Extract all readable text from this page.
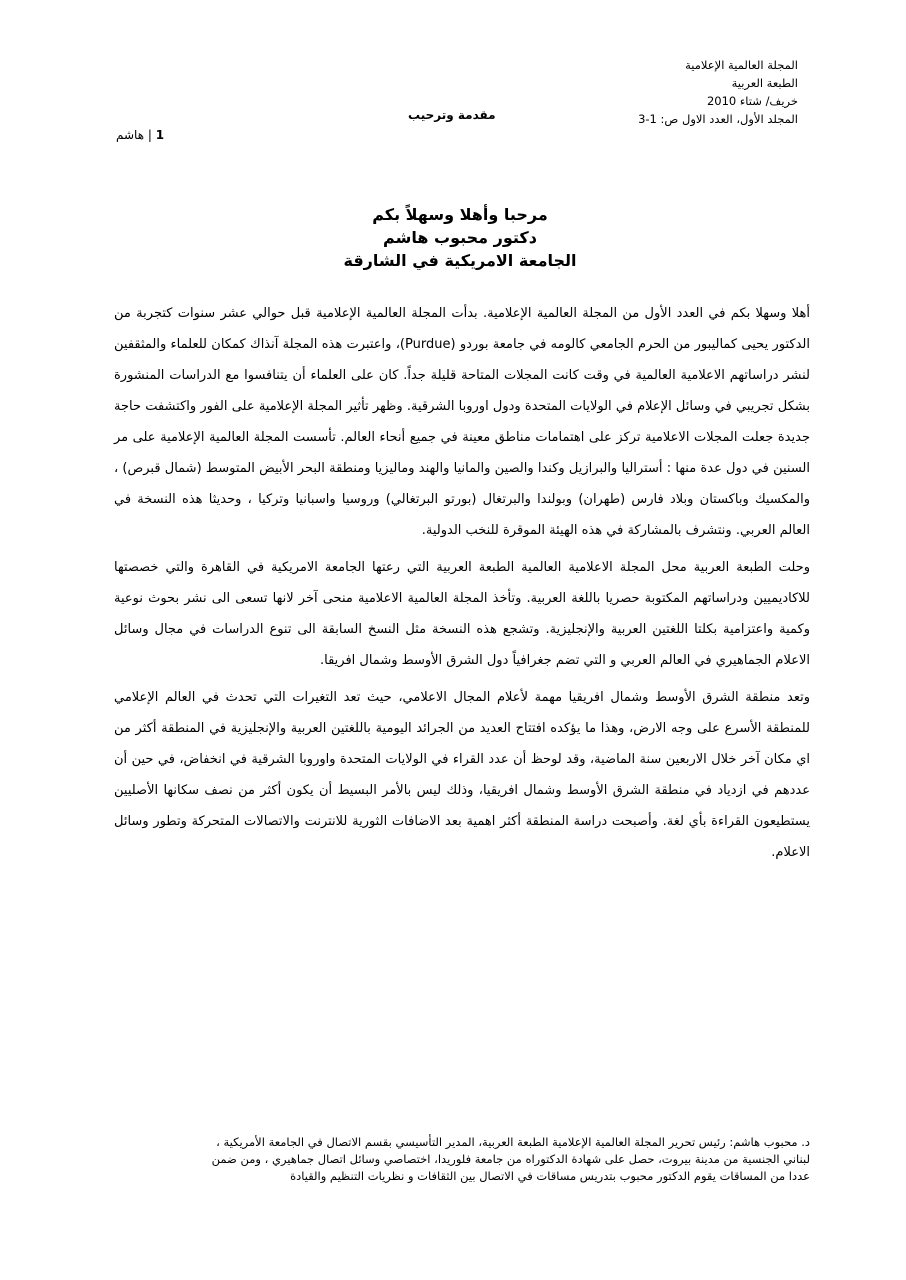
المجلة العالمية الإعلامية
الطبعة العربية
خريف/ شتاء 2010
المجلد الأول، العدد الاول ص: 1-3
مقدمة وترحيب
1 | هاشم
مرحبا وأهلا وسهلاً بكم
دكتور محبوب هاشم
الجامعة الامريكية في الشارقة

أهلا وسهلا بكم في العدد الأول من المجلة العالمية الإعلامية. بدأت المجلة العالمية الإعلامية قبل حوالي عشر سنوات كتجربة من الدكتور يحيى كماليبور من الحرم الجامعي كالومه في جامعة بوردو (Purdue)، واعتبرت هذه المجلة آنذاك كمكان للعلماء والمثقفين لنشر دراساتهم الاعلامية العالمية في وقت كانت المجلات المتاحة قليلة جداً. كان على العلماء أن يتنافسوا مع الدراسات المنشورة بشكل تجريبي في وسائل الإعلام في الولايات المتحدة ودول اوروبا الشرقية. وظهر تأثير المجلة الإعلامية على الفور واكتشفت حاجة جديدة جعلت المجلات الاعلامية تركز على اهتمامات مناطق معينة في جميع أنحاء العالم. تأسست المجلة العالمية الإعلامية على مر السنين في دول عدة منها : أستراليا والبرازيل وكندا والصين والمانيا والهند وماليزيا ومنطقة البحر الأبيض المتوسط (شمال قبرص) ، والمكسيك وباكستان وبلاد فارس (طهران) وبولندا والبرتغال (بورتو البرتغالي) وروسيا واسبانيا وتركيا ، وحديثا هذه النسخة في العالم العربي. ونتشرف بالمشاركة في هذه الهيئة الموقرة للنخب الدولية.

وحلت الطبعة العربية محل المجلة الاعلامية العالمية الطبعة العربية التي رعتها الجامعة الامريكية في القاهرة والتي خصصتها للاكاديميين ودراساتهم المكتوبة حصريا باللغة العربية. وتأخذ المجلة العالمية الاعلامية منحى آخر لانها تسعى الى نشر بحوث نوعية وكمية واعتزامية بكلتا اللغتين العربية والإنجليزية. وتشجع هذه النسخة مثل النسخ السابقة الى تنوع الدراسات في مجال وسائل الاعلام الجماهيري في العالم العربي و التي تضم جغرافياً دول الشرق الأوسط وشمال افريقا.

وتعد منطقة الشرق الأوسط وشمال افريقيا مهمة لأعلام المجال الاعلامي، حيث تعد التغيرات التي تحدث في العالم الإعلامي للمنطقة الأسرع على وجه الارض، وهذا ما يؤكده افتتاح العديد من الجرائد اليومية باللغتين العربية والإنجليزية في المنطقة أكثر من اي مكان آخر خلال الاربعين سنة الماضية، وقد لوحظ أن عدد القراء في الولايات المتحدة واوروبا الشرقية في انخفاض، في حين أن عددهم في ازدياد في منطقة الشرق الأوسط وشمال افريقيا، وذلك ليس بالأمر البسيط أن يكون أكثر من نصف سكانها الأصليين يستطيعون القراءة بأي لغة. وأصبحت دراسة المنطقة أكثر اهمية بعد الاضافات الثورية للانترنت والاتصالات المتحركة وتطور وسائل الاعلام.

د. محبوب هاشم: رئيس تحرير المجلة العالمية الإعلامية الطبعة العربية، المدير التأسيسي بقسم الاتصال في الجامعة الأمريكية ،
لبناني الجنسية من مدينة بيروت، حصل على شهادة الدكتوراه من جامعة فلوريدا، اختصاصي وسائل اتصال جماهيري ، ومن ضمن
عددا من المساقات يقوم الدكتور محبوب بتدريس مساقات في الاتصال بين الثقافات و نظريات التنظيم والقيادة
